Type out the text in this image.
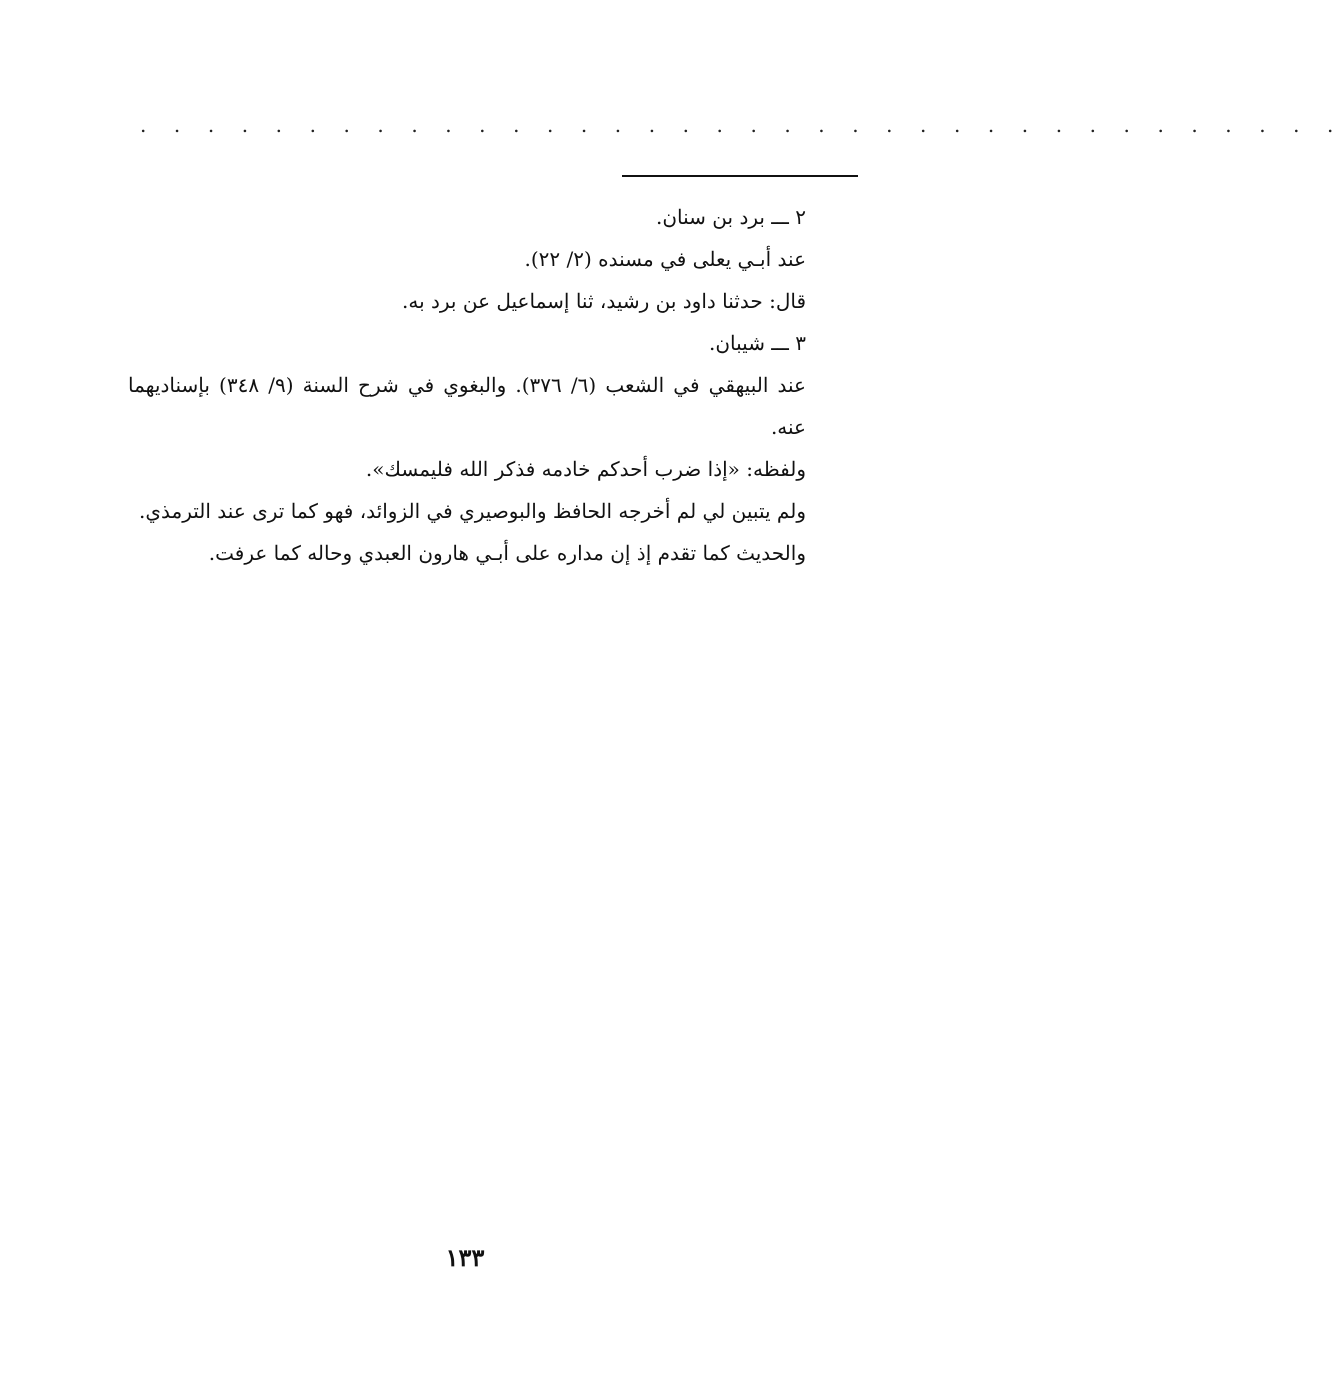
. . . . . . . . . . . . . . . . . . . . . . . . . . . . . . . . . . . .

٢ ـــ برد بن سنان.

عند أبـي يعلى في مسنده (٢/ ٢٢).

قال: حدثنا داود بن رشيد، ثنا إسماعيل عن برد به.

٣ ـــ شيبان.

عند البيهقي في الشعب (٦/ ٣٧٦). والبغوي في شرح السنة (٩/ ٣٤٨) بإسناديهما عنه.

ولفظه: «إذا ضرب أحدكم خادمه فذكر الله فليمسك».

ولم يتبين لي لم أخرجه الحافظ والبوصيري في الزوائد، فهو كما ترى عند الترمذي.

والحديث كما تقدم إذ إن مداره على أبـي هارون العبدي وحاله كما عرفت.

١٣٣
